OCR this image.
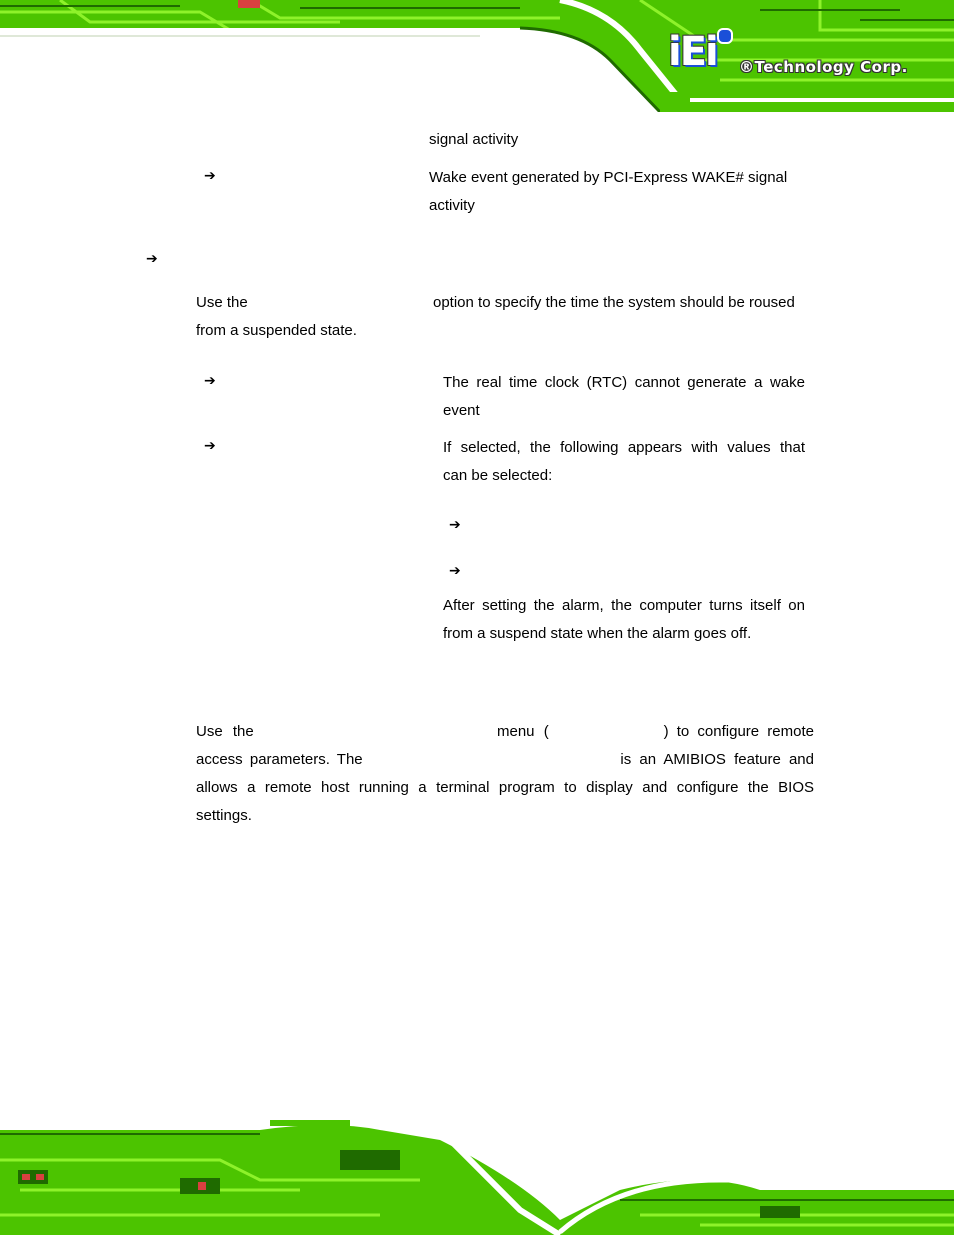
iEi	®Technology Corp.
signal activity
➔	Wake event generated by PCI-Express WAKE# signal
activity
➔
Use the	option to specify the time the system should be roused
from a suspended state.
➔	The real time clock (RTC) cannot generate a wake
event
➔	If selected, the following appears with values that
can be selected:
➔
➔
After setting the alarm, the computer turns itself on
from a suspend state when the alarm goes off.
Use the	menu (	) to configure remote
access parameters. The	is an AMIBIOS feature and
allows a remote host running a terminal program to display and configure the BIOS
settings.
